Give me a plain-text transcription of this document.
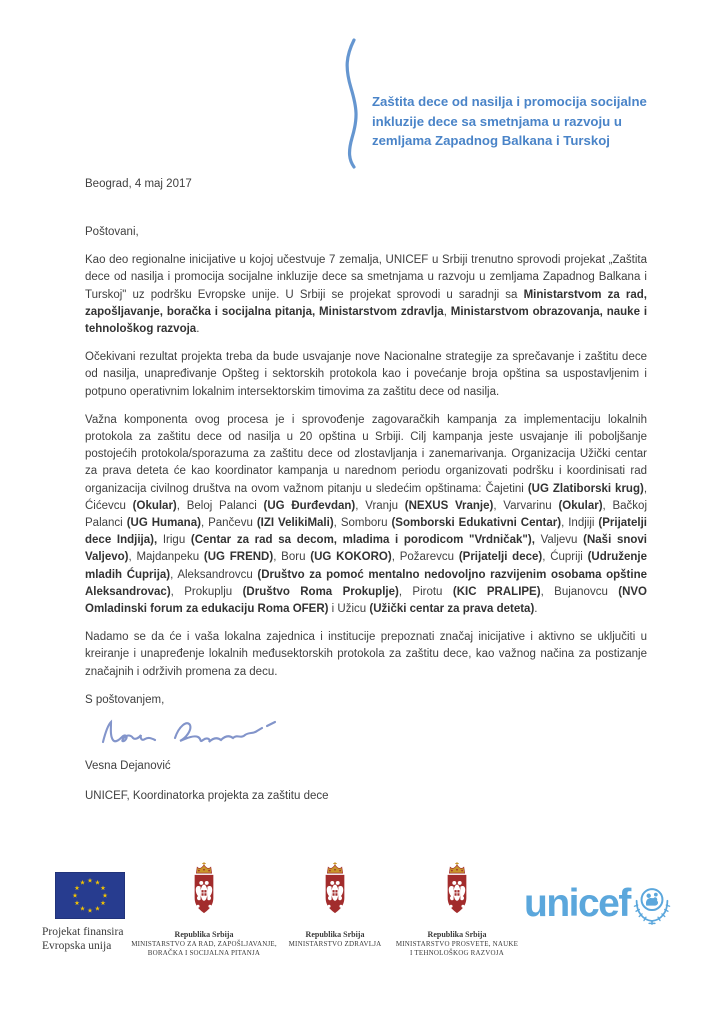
Zaštita dece od nasilja i promocija socijalne
inkluzije dece sa smetnjama u razvoju u
zemljama Zapadnog Balkana i Turskoj
Beograd, 4 maj 2017

Poštovani,

Kao deo regionalne inicijative u kojoj učestvuje 7 zemalja, UNICEF u Srbiji trenutno sprovodi projekat „Zaštita dece od nasilja i promocija socijalne inkluzije dece sa smetnjama u razvoju u zemljama Zapadnog Balkana i Turskoj" uz podršku Evropske unije. U Srbiji se projekat sprovodi u saradnji sa Ministarstvom za rad, zapošljavanje, boračka i socijalna pitanja, Ministarstvom zdravlja, Ministarstvom obrazovanja, nauke i tehnološkog razvoja.

Očekivani rezultat projekta treba da bude usvajanje nove Nacionalne strategije za sprečavanje i zaštitu dece od nasilja, unapređivanje Opšteg i sektorskih protokola kao i povećanje broja opština sa uspostavljenim i potpuno operativnim lokalnim intersektorskim timovima za zaštitu dece od nasilja.

Važna komponenta ovog procesa je i sprovođenje zagovaračkih kampanja za implementaciju lokalnih protokola za zaštitu dece od nasilja u 20 opština u Srbiji. Cilj kampanja jeste usvajanje ili poboljšanje postojećih protokola/sporazuma za zaštitu dece od zlostavljanja i zanemarivanja. Organizacija Užički centar za prava deteta će kao koordinator kampanja u narednom periodu organizovati podršku i koordinisati rad organizacija civilnog društva na ovom važnom pitanju u sledećim opštinama: Čajetini (UG Zlatiborski krug), Ćićevcu (Okular), Beloj Palanci (UG Đurđevdan), Vranju (NEXUS Vranje), Varvarinu (Okular), Bačkoj Palanci (UG Humana), Pančevu (IZI VelikiMali), Somboru (Somborski Edukativni Centar), Indjiji (Prijatelji dece Indjija), Irigu (Centar za rad sa decom, mladima i porodicom "Vrdničak"), Valjevu (Naši snovi Valjevo), Majdanpeku (UG FREND), Boru (UG KOKORO), Požarevcu (Prijatelji dece), Ćupriji (Udruženje mladih Ćuprija), Aleksandrovcu (Društvo za pomoć mentalno nedovoljno razvijenim osobama opštine Aleksandrovac), Prokuplju (Društvo Roma Prokuplje), Pirotu (KIC PRALIPE), Bujanovcu (NVO Omladinski forum za edukaciju Roma OFER) i Užicu (Užički centar za prava deteta).

Nadamo se da će i vaša lokalna zajednica i institucije prepoznati značaj inicijative i aktivno se uključiti u kreiranje i unapređenje lokalnih međusektorskih protokola za zaštitu dece, kao važnog načina za postizanje značajnih i održivih promena za decu.

S poštovanjem,

Vesna Dejanović

UNICEF, Koordinatorka projekta za zaštitu dece

Projekat finansira
Evropska unija
Republika Srbija
MINISTARSTVO ZA RAD, ZAPOŠLJAVANJE,
BORAČKA I SOCIJALNA PITANJA
Republika Srbija
MINISTARSTVO ZDRAVLJA
Republika Srbija
MINISTARSTVO PROSVETE, NAUKE
I TEHNOLOŠKOG RAZVOJA
unicef
